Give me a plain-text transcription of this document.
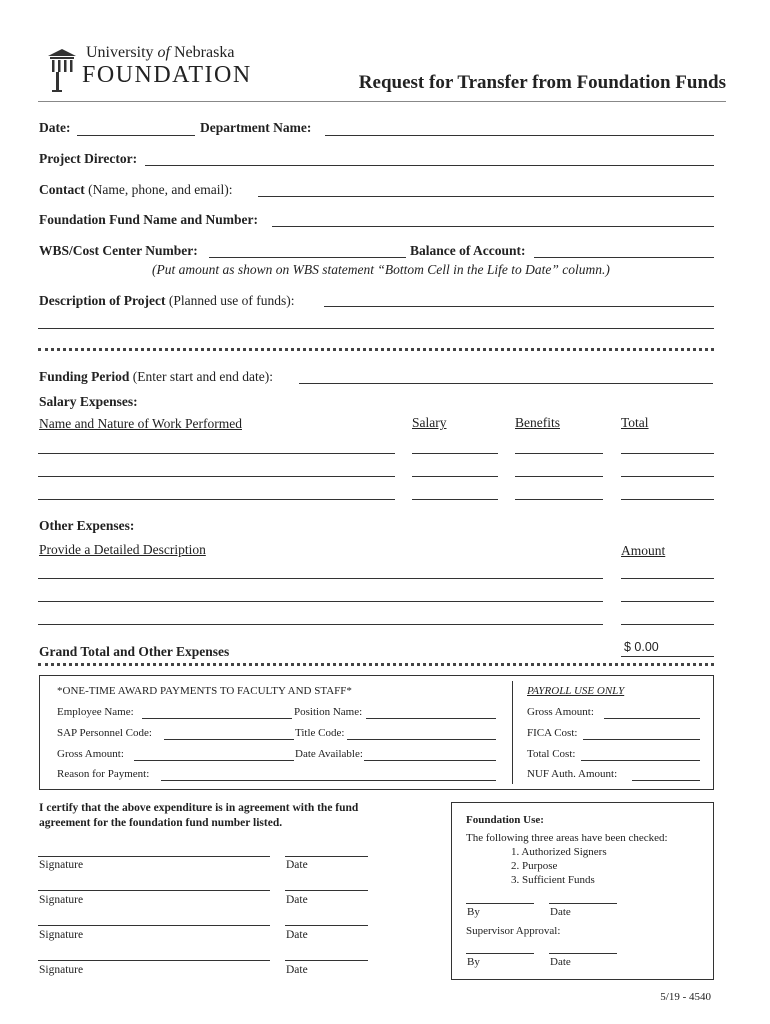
University of Nebraska
FOUNDATION	Request for Transfer from Foundation Funds
Date:	Department Name:
Project Director:
Contact (Name, phone, and email):
Foundation Fund Name and Number:
WBS/Cost Center Number:	Balance of Account:
(Put amount as shown on WBS statement “Bottom Cell in the Life to Date” column.)
Description of Project (Planned use of funds):
Funding Period (Enter start and end date):
Salary Expenses:
Name and Nature of Work Performed	Salary	Benefits	Total
Other Expenses:
Provide a Detailed Description	Amount
Grand Total and Other Expenses	$ 0.00
*ONE-TIME AWARD PAYMENTS TO FACULTY AND STAFF*
Employee Name:	Position Name:
SAP Personnel Code:	Title Code:
Gross Amount:	Date Available:
Reason for Payment:
PAYROLL USE ONLY
Gross Amount:
FICA Cost:
Total Cost:
NUF Auth. Amount:
I certify that the above expenditure is in agreement with the fund agreement for the foundation fund number listed.
Signature	Date
Signature	Date
Signature	Date
Signature	Date
Foundation Use:
The following three areas have been checked:
1. Authorized Signers
2. Purpose
3. Sufficient Funds
By	Date
Supervisor Approval:
By	Date
5/19 - 4540
